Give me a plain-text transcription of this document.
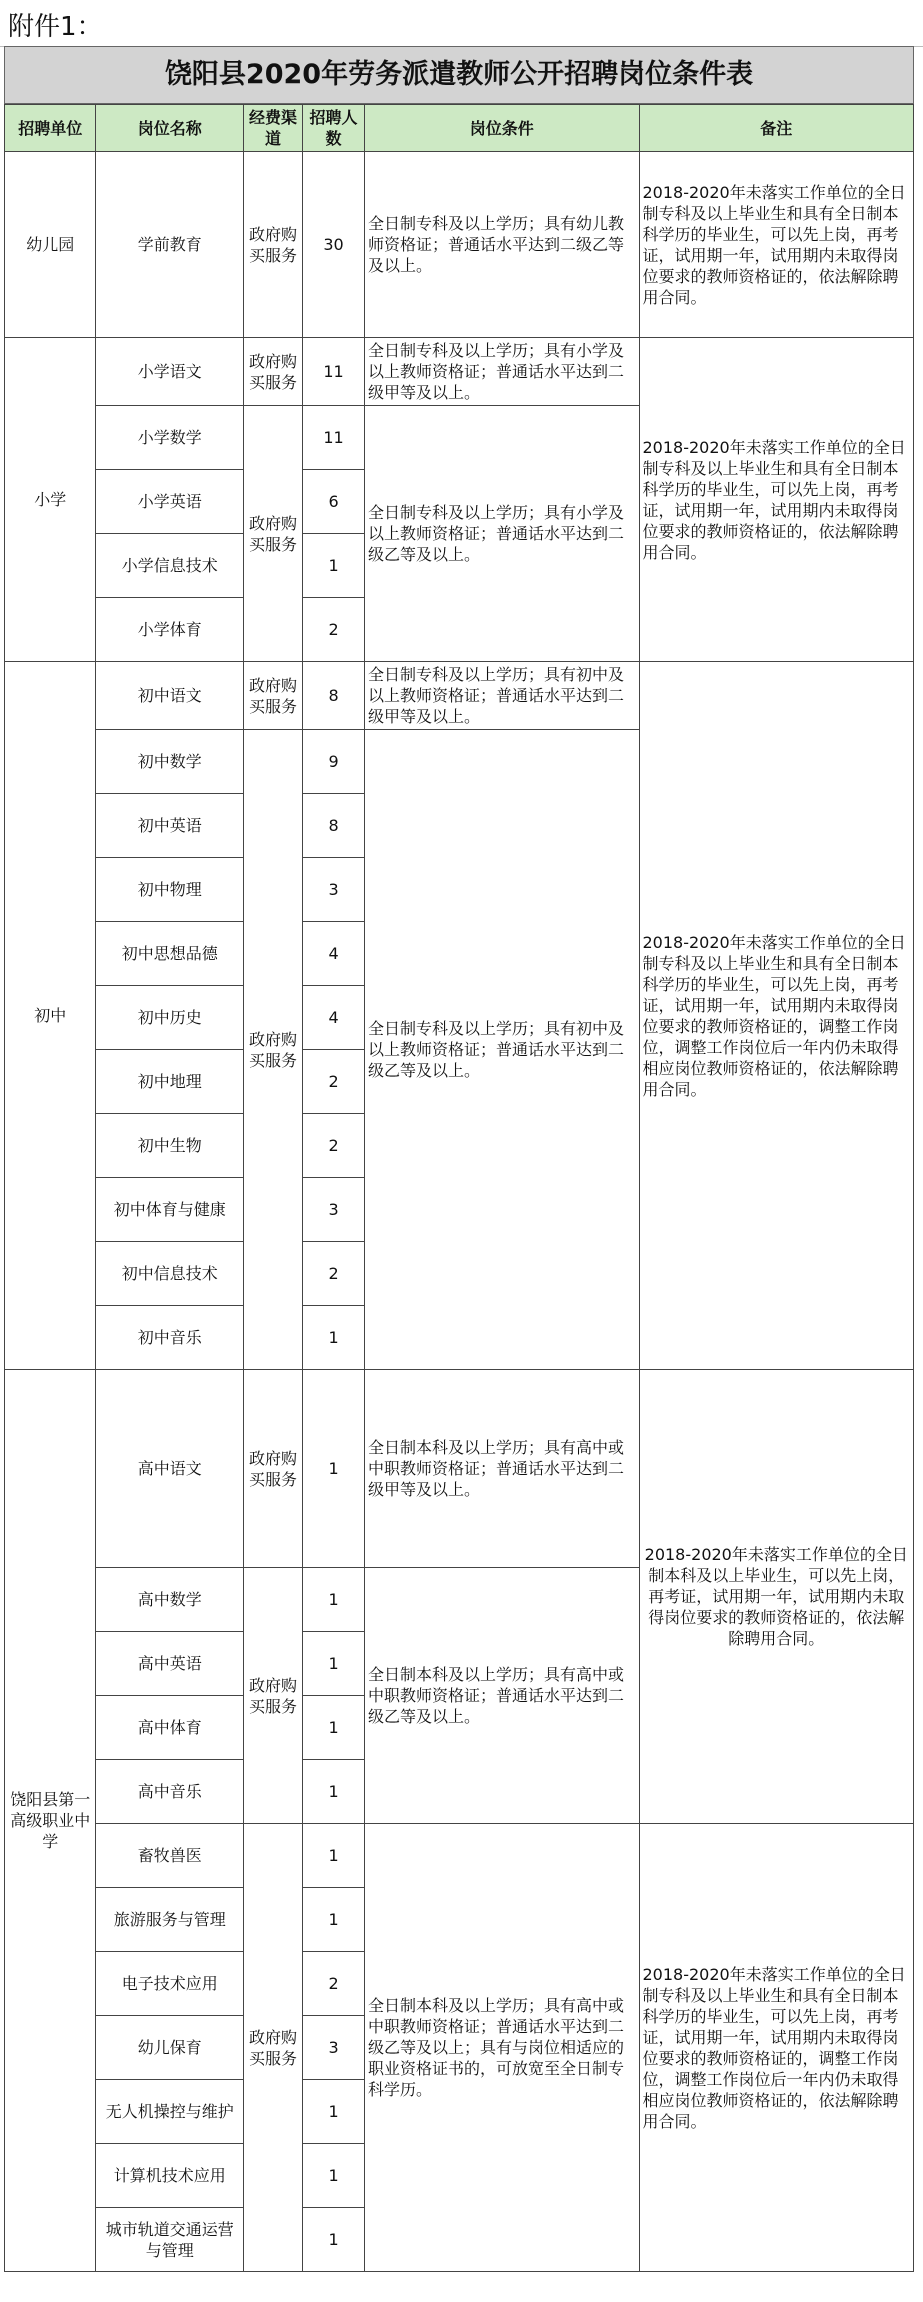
附件1：
饶阳县2020年劳务派遣教师公开招聘岗位条件表
招聘单位	岗位名称	经费渠道	招聘人数	岗位条件	备注
幼儿园	学前教育	政府购买服务	30	全日制专科及以上学历；具有幼儿教师资格证；普通话水平达到二级乙等及以上。	2018-2020年未落实工作单位的全日制专科及以上毕业生和具有全日制本科学历的毕业生，可以先上岗，再考证，试用期一年，试用期内未取得岗位要求的教师资格证的，依法解除聘用合同。
小学	小学语文	政府购买服务	11	全日制专科及以上学历；具有小学及以上教师资格证；普通话水平达到二级甲等及以上。	2018-2020年未落实工作单位的全日制专科及以上毕业生和具有全日制本科学历的毕业生，可以先上岗，再考证，试用期一年，试用期内未取得岗位要求的教师资格证的，依法解除聘用合同。
	小学数学	政府购买服务	11	全日制专科及以上学历；具有小学及以上教师资格证；普通话水平达到二级乙等及以上。	
	小学英语		6		
	小学信息技术		1		
	小学体育		2		
初中	初中语文	政府购买服务	8	全日制专科及以上学历；具有初中及以上教师资格证；普通话水平达到二级甲等及以上。	2018-2020年未落实工作单位的全日制专科及以上毕业生和具有全日制本科学历的毕业生，可以先上岗，再考证，试用期一年，试用期内未取得岗位要求的教师资格证的，调整工作岗位，调整工作岗位后一年内仍未取得相应岗位教师资格证的，依法解除聘用合同。
	初中数学	政府购买服务	9	全日制专科及以上学历；具有初中及以上教师资格证；普通话水平达到二级乙等及以上。	
	初中英语		8		
	初中物理		3		
	初中思想品德		4		
	初中历史		4		
	初中地理		2		
	初中生物		2		
	初中体育与健康		3		
	初中信息技术		2		
	初中音乐		1		
饶阳县第一高级职业中学	高中语文	政府购买服务	1	全日制本科及以上学历；具有高中或中职教师资格证；普通话水平达到二级甲等及以上。	2018-2020年未落实工作单位的全日制本科及以上毕业生，可以先上岗，再考证，试用期一年，试用期内未取得岗位要求的教师资格证的，依法解除聘用合同。
	高中数学	政府购买服务	1	全日制本科及以上学历；具有高中或中职教师资格证；普通话水平达到二级乙等及以上。	
	高中英语		1		
	高中体育		1		
	高中音乐		1		
	畜牧兽医	政府购买服务	1	全日制本科及以上学历；具有高中或中职教师资格证；普通话水平达到二级乙等及以上；具有与岗位相适应的职业资格证书的，可放宽至全日制专科学历。	2018-2020年未落实工作单位的全日制专科及以上毕业生和具有全日制本科学历的毕业生，可以先上岗，再考证，试用期一年，试用期内未取得岗位要求的教师资格证的，调整工作岗位，调整工作岗位后一年内仍未取得相应岗位教师资格证的，依法解除聘用合同。
	旅游服务与管理		1		
	电子技术应用		2		
	幼儿保育		3		
	无人机操控与维护		1		
	计算机技术应用		1		
	城市轨道交通运营与管理		1		
